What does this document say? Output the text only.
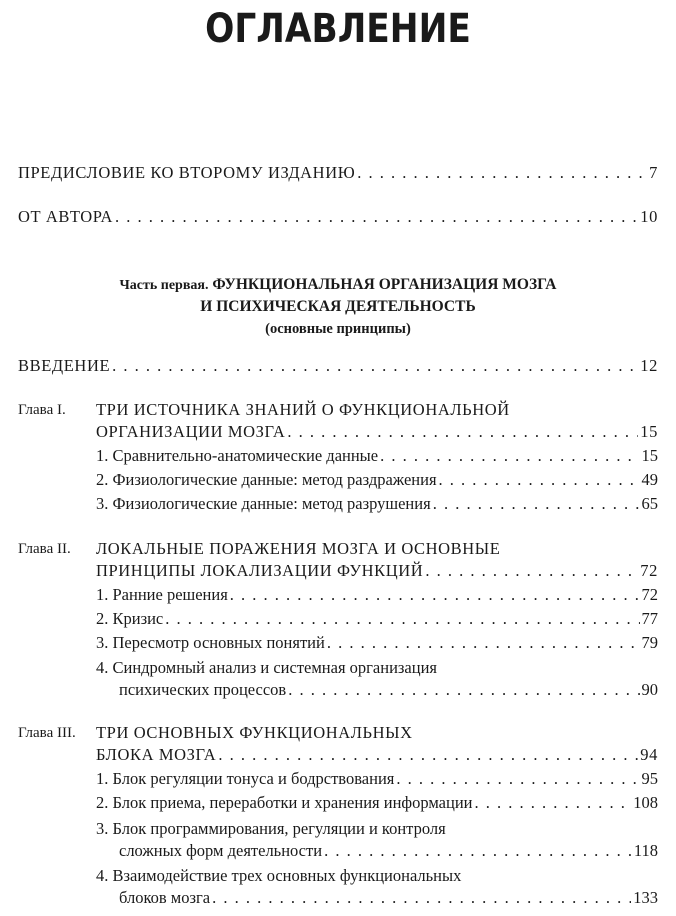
ОГЛАВЛЕНИЕ
ПРЕДИСЛОВИЕ КО ВТОРОМУ ИЗДАНИЮ . . .	7
ОТ АВТОРА . . .	10
Часть первая. ФУНКЦИОНАЛЬНАЯ ОРГАНИЗАЦИЯ МОЗГА
И ПСИХИЧЕСКАЯ ДЕЯТЕЛЬНОСТЬ
(основные принципы)
ВВЕДЕНИЕ . . .	12
Глава I. ТРИ ИСТОЧНИКА ЗНАНИЙ О ФУНКЦИОНАЛЬНОЙ
ОРГАНИЗАЦИИ МОЗГА . . .	15
1. Сравнительно-анатомические данные . . .	15
2. Физиологические данные: метод раздражения . . .	49
3. Физиологические данные: метод разрушения . . .	65
Глава II. ЛОКАЛЬНЫЕ ПОРАЖЕНИЯ МОЗГА И ОСНОВНЫЕ
ПРИНЦИПЫ ЛОКАЛИЗАЦИИ ФУНКЦИЙ . . .	72
1. Ранние решения . . .	72
2. Кризис . . .	77
3. Пересмотр основных понятий . . .	79
4. Синдромный анализ и системная организация
психических процессов . . .	90
Глава III. ТРИ ОСНОВНЫХ ФУНКЦИОНАЛЬНЫХ
БЛОКА МОЗГА . . .	94
1. Блок регуляции тонуса и бодрствования . . .	95
2. Блок приема, переработки и хранения информации . . .	108
3. Блок программирования, регуляции и контроля
сложных форм деятельности . . .	118
4. Взаимодействие трех основных функциональных
блоков мозга . . .	133
